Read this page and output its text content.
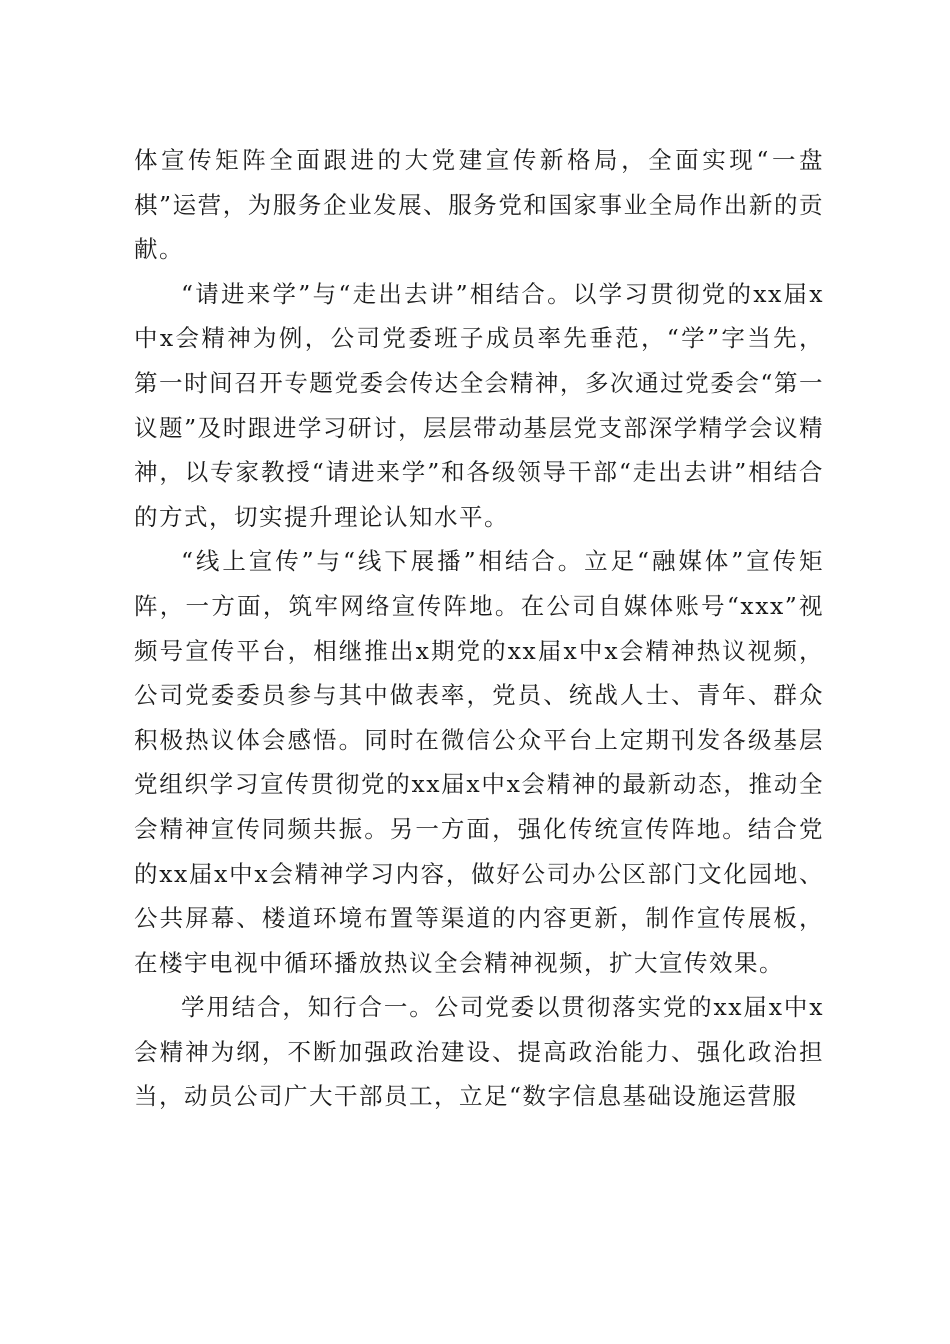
体宣传矩阵全面跟进的大党建宣传新格局，全面实现“一盘棋”运营，为服务企业发展、服务党和国家事业全局作出新的贡献。

“请进来学”与“走出去讲”相结合。以学习贯彻党的xx届x中x会精神为例，公司党委班子成员率先垂范，“学”字当先，第一时间召开专题党委会传达全会精神，多次通过党委会“第一议题”及时跟进学习研讨，层层带动基层党支部深学精学会议精神，以专家教授“请进来学”和各级领导干部“走出去讲”相结合的方式，切实提升理论认知水平。

“线上宣传”与“线下展播”相结合。立足“融媒体”宣传矩阵，一方面，筑牢网络宣传阵地。在公司自媒体账号“xxx”视频号宣传平台，相继推出x期党的xx届x中x会精神热议视频，公司党委委员参与其中做表率，党员、统战人士、青年、群众积极热议体会感悟。同时在微信公众平台上定期刊发各级基层党组织学习宣传贯彻党的xx届x中x会精神的最新动态，推动全会精神宣传同频共振。另一方面，强化传统宣传阵地。结合党的xx届x中x会精神学习内容，做好公司办公区部门文化园地、公共屏幕、楼道环境布置等渠道的内容更新，制作宣传展板，在楼宇电视中循环播放热议全会精神视频，扩大宣传效果。

学用结合，知行合一。公司党委以贯彻落实党的xx届x中x会精神为纲，不断加强政治建设、提高政治能力、强化政治担当，动员公司广大干部员工，立足“数字信息基础设施运营服
